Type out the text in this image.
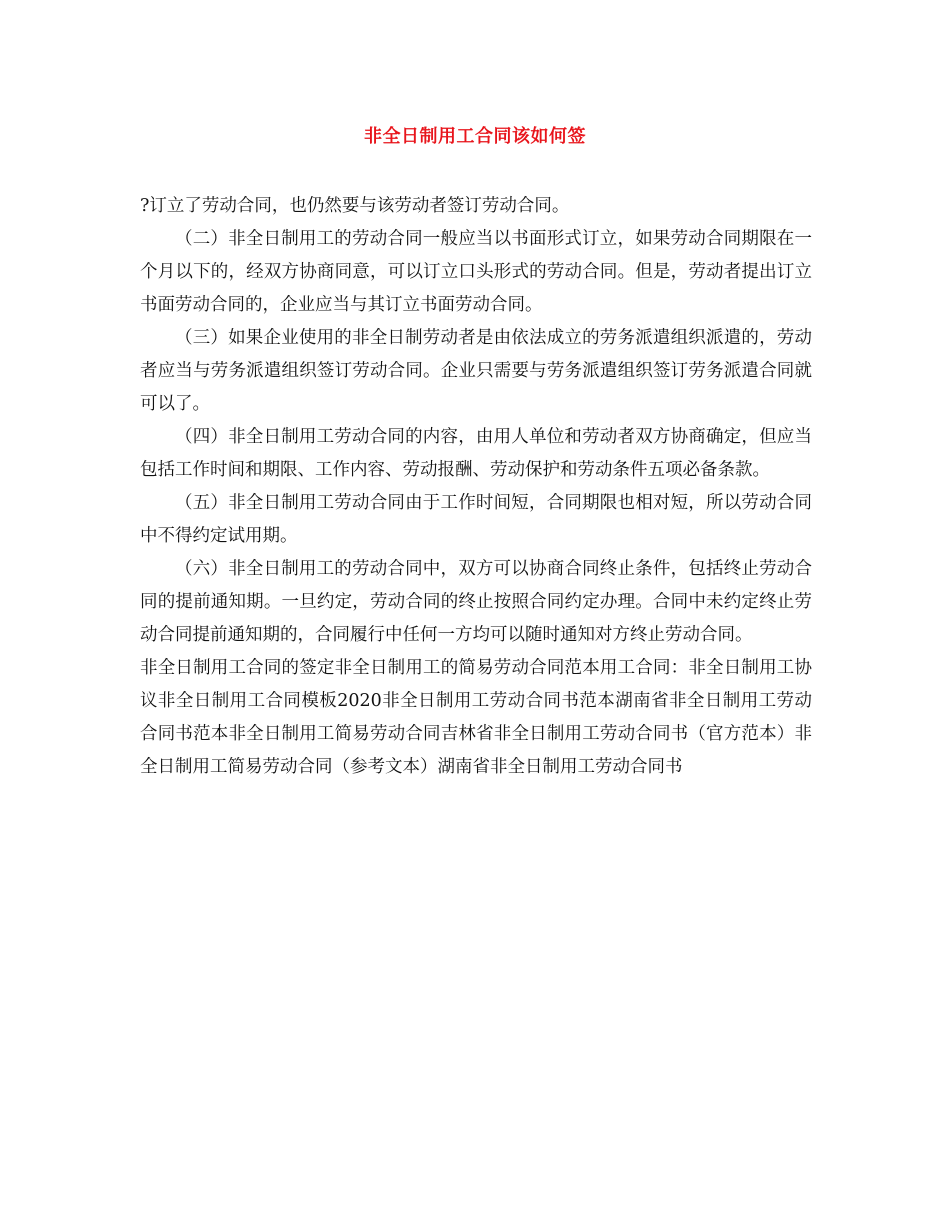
非全日制用工合同该如何签

?订立了劳动合同，也仍然要与该劳动者签订劳动合同。

（二）非全日制用工的劳动合同一般应当以书面形式订立，如果劳动合同期限在一个月以下的，经双方协商同意，可以订立口头形式的劳动合同。但是，劳动者提出订立书面劳动合同的，企业应当与其订立书面劳动合同。

（三）如果企业使用的非全日制劳动者是由依法成立的劳务派遣组织派遣的，劳动者应当与劳务派遣组织签订劳动合同。企业只需要与劳务派遣组织签订劳务派遣合同就可以了。

（四）非全日制用工劳动合同的内容，由用人单位和劳动者双方协商确定，但应当包括工作时间和期限、工作内容、劳动报酬、劳动保护和劳动条件五项必备条款。

（五）非全日制用工劳动合同由于工作时间短，合同期限也相对短，所以劳动合同中不得约定试用期。

（六）非全日制用工的劳动合同中，双方可以协商合同终止条件，包括终止劳动合同的提前通知期。一旦约定，劳动合同的终止按照合同约定办理。合同中未约定终止劳动合同提前通知期的，合同履行中任何一方均可以随时通知对方终止劳动合同。

非全日制用工合同的签定非全日制用工的简易劳动合同范本用工合同：非全日制用工协议非全日制用工合同模板2020非全日制用工劳动合同书范本湖南省非全日制用工劳动合同书范本非全日制用工简易劳动合同吉林省非全日制用工劳动合同书（官方范本）非全日制用工简易劳动合同（参考文本）湖南省非全日制用工劳动合同书
